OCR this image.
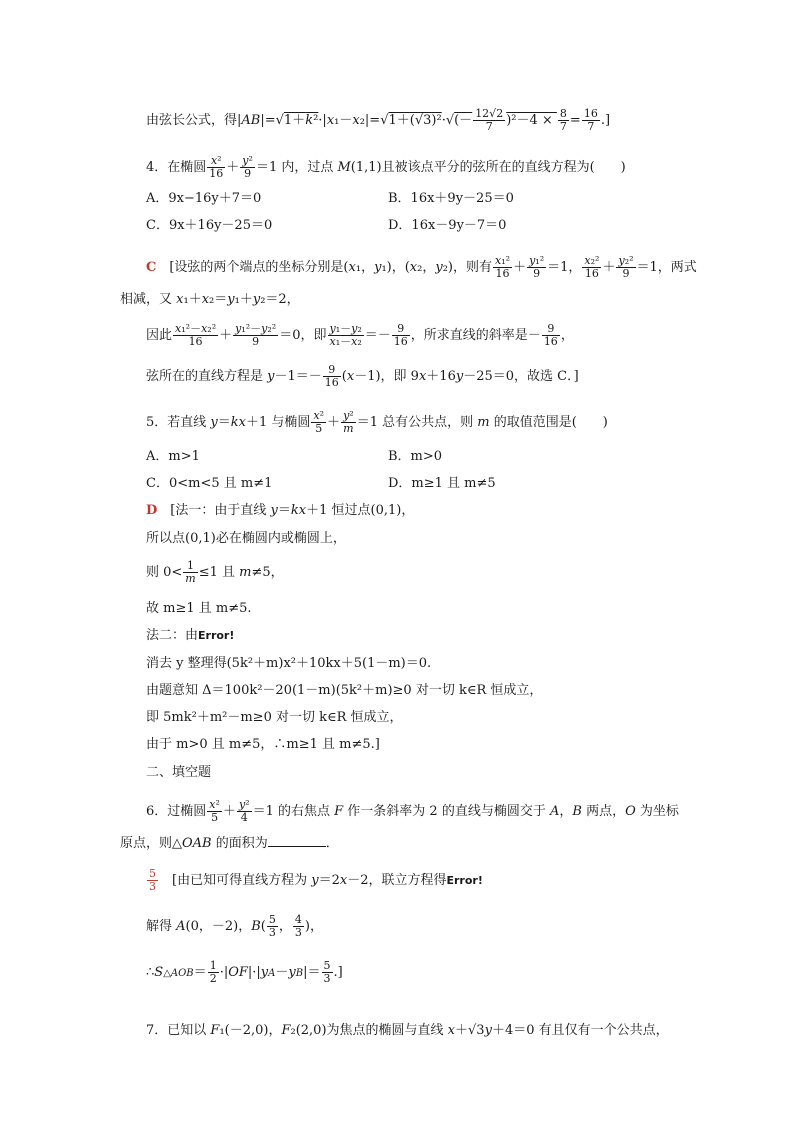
由弦长公式，得$|AB|=√1+k^2\cdot|x_1-x_2|=√1+(√3)^2\cdot√(- \frac{12√2}{7} )^2-4 \times \frac{8}{7} = \frac{16}{7}$ .]
4．在椭圆 $\frac{\text{x²}}{16} + \frac{\text{y²}}{9} =1$ 内，过点 M(1,1)且被该点平分的弦所在的直线方程为(　　)
A．9x−16y＋7＝0	B．16x＋9y－25＝0
C．9x＋16y－25＝0	D．16x－9y－7＝0
C　[设弦的两个端点的坐标分别是(x₁，y₁)，(x₂，y₂)，则有 $\frac{\text{x₁²}}{16} + \frac{\text{y₁²}}{9} =1$， $\frac{\text{x₂²}}{16} + \frac{\text{y₂²}}{9} =1$，两式
相减，又 x₁＋x₂＝y₁＋y₂＝2，
因此 $\frac{\text{x₁²－x₂²}}{16} + \frac{\text{y₁²－y₂²}}{9} =0$，即 $\frac{\text{y₁－y₂}}{\text{x₁－x₂}} =- \frac{9}{16}$ ，所求直线的斜率是－ $\frac{9}{16}$ ，
弦所在的直线方程是 $y-1=- \frac{9}{16} (x-1)$，即 9x＋16y－25＝0，故选 C．]
5．若直线 y＝kx＋1 与椭圆 $\frac{\text{x²}}{5} + \frac{\text{y²}}{m} =1$ 总有公共点，则 m 的取值范围是(　　)
A．m>1	B．m>0
C．0<m<5 且 m≠1	D．m≥1 且 m≠5
D　[法一：由于直线 y＝kx＋1 恒过点(0,1)，
所以点(0,1)必在椭圆内或椭圆上，
则 $0< \frac{1}{m} \le 1$ 且 m≠5，
故 m≥1 且 m≠5.
法二：由Error!
消去 y 整理得(5k²＋m)x²＋10kx＋5(1－m)＝0.
由题意知 Δ＝100k²－20(1－m)(5k²＋m)≥0 对一切 k∈R 恒成立，
即 5mk²＋m²－m≥0 对一切 k∈R 恒成立，
由于 m>0 且 m≠5，∴m≥1 且 m≠5.]
二、填空题
6．过椭圆 $\frac{\text{x²}}{5} + \frac{\text{y²}}{4} =1$ 的右焦点 F 作一条斜率为 2 的直线与椭圆交于 A，B 两点，O 为坐标
原点，则△OAB 的面积为	．
$\frac{5}{3}$ 　[由已知可得直线方程为 y＝2x－2，联立方程得Error!
解得 A(0，－2)，$B( \frac{5}{3}$ ， $\frac{4}{3}$ )，
∴S△AOB＝ $\frac{1}{2} \cdot|OF|\cdot|yA-yB|= \frac{5}{3}$ .]
7．已知以 F₁(－2,0)，F₂(2,0)为焦点的椭圆与直线 x＋√3y＋4＝0 有且仅有一个公共点，
